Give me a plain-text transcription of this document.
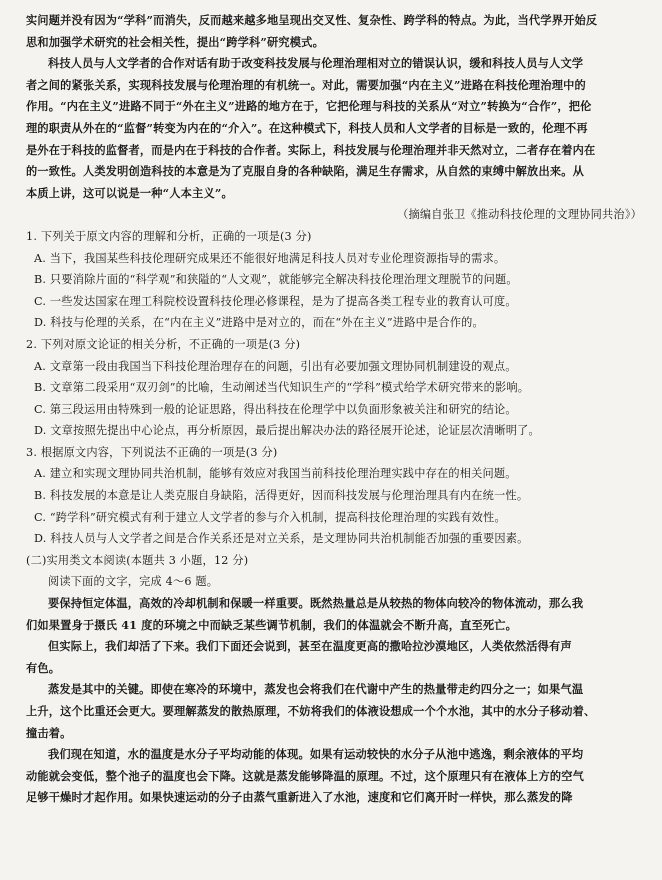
实问题并没有因为“学科”而消失，反而越来越多地呈现出交叉性、复杂性、跨学科的特点。为此，当代学界开始反
思和加强学术研究的社会相关性，提出“跨学科”研究模式。
科技人员与人文学者的合作对话有助于改变科技发展与伦理治理相对立的错误认识，缓和科技人员与人文学
者之间的紧张关系，实现科技发展与伦理治理的有机统一。对此，需要加强“内在主义”进路在科技伦理治理中的
作用。“内在主义”进路不同于“外在主义”进路的地方在于，它把伦理与科技的关系从“对立”转换为“合作”，把伦
理的职责从外在的“监督”转变为内在的“介入”。在这种模式下，科技人员和人文学者的目标是一致的，伦理不再
是外在于科技的监督者，而是内在于科技的合作者。实际上，科技发展与伦理治理并非天然对立，二者存在着内在
的一致性。人类发明创造科技的本意是为了克服自身的各种缺陷，满足生存需求，从自然的束缚中解放出来。从
本质上讲，这可以说是一种“人本主义”。
（摘编自张卫《推动科技伦理的文理协同共治》）
1. 下列关于原文内容的理解和分析，正确的一项是(3 分)
A. 当下，我国某些科技伦理研究成果还不能很好地满足科技人员对专业伦理资源指导的需求。
B. 只要消除片面的“科学观”和狭隘的“人文观”，就能够完全解决科技伦理治理文理脱节的问题。
C. 一些发达国家在理工科院校设置科技伦理必修课程，是为了提高各类工程专业的教育认可度。
D. 科技与伦理的关系，在“内在主义”进路中是对立的，而在“外在主义”进路中是合作的。
2. 下列对原文论证的相关分析，不正确的一项是(3 分)
A. 文章第一段由我国当下科技伦理治理存在的问题，引出有必要加强文理协同机制建设的观点。
B. 文章第二段采用“双刃剑”的比喻，生动阐述当代知识生产的“学科”模式给学术研究带来的影响。
C. 第三段运用由特殊到一般的论证思路，得出科技在伦理学中以负面形象被关注和研究的结论。
D. 文章按照先提出中心论点，再分析原因，最后提出解决办法的路径展开论述，论证层次清晰明了。
3. 根据原文内容，下列说法不正确的一项是(3 分)
A. 建立和实现文理协同共治机制，能够有效应对我国当前科技伦理治理实践中存在的相关问题。
B. 科技发展的本意是让人类克服自身缺陷，活得更好，因而科技发展与伦理治理具有内在统一性。
C. “跨学科”研究模式有利于建立人文学者的参与介入机制，提高科技伦理治理的实践有效性。
D. 科技人员与人文学者之间是合作关系还是对立关系，是文理协同共治机制能否加强的重要因素。
(二)实用类文本阅读(本题共 3 小题，12 分)
阅读下面的文字，完成 4～6 题。
要保持恒定体温，高效的冷却机制和保暖一样重要。既然热量总是从较热的物体向较冷的物体流动，那么我
们如果置身于摄氏 41 度的环境之中而缺乏某些调节机制，我们的体温就会不断升高，直至死亡。
但实际上，我们却活了下来。我们下面还会说到，甚至在温度更高的撒哈拉沙漠地区，人类依然活得有声
有色。
蒸发是其中的关键。即使在寒冷的环境中，蒸发也会将我们在代谢中产生的热量带走约四分之一；如果气温
上升，这个比重还会更大。要理解蒸发的散热原理，不妨将我们的体液设想成一个个水池，其中的水分子移动着、
撞击着。
我们现在知道，水的温度是水分子平均动能的体现。如果有运动较快的水分子从池中逃逸，剩余液体的平均
动能就会变低，整个池子的温度也会下降。这就是蒸发能够降温的原理。不过，这个原理只有在液体上方的空气
足够干燥时才起作用。如果快速运动的分子由蒸气重新进入了水池，速度和它们离开时一样快，那么蒸发的降
